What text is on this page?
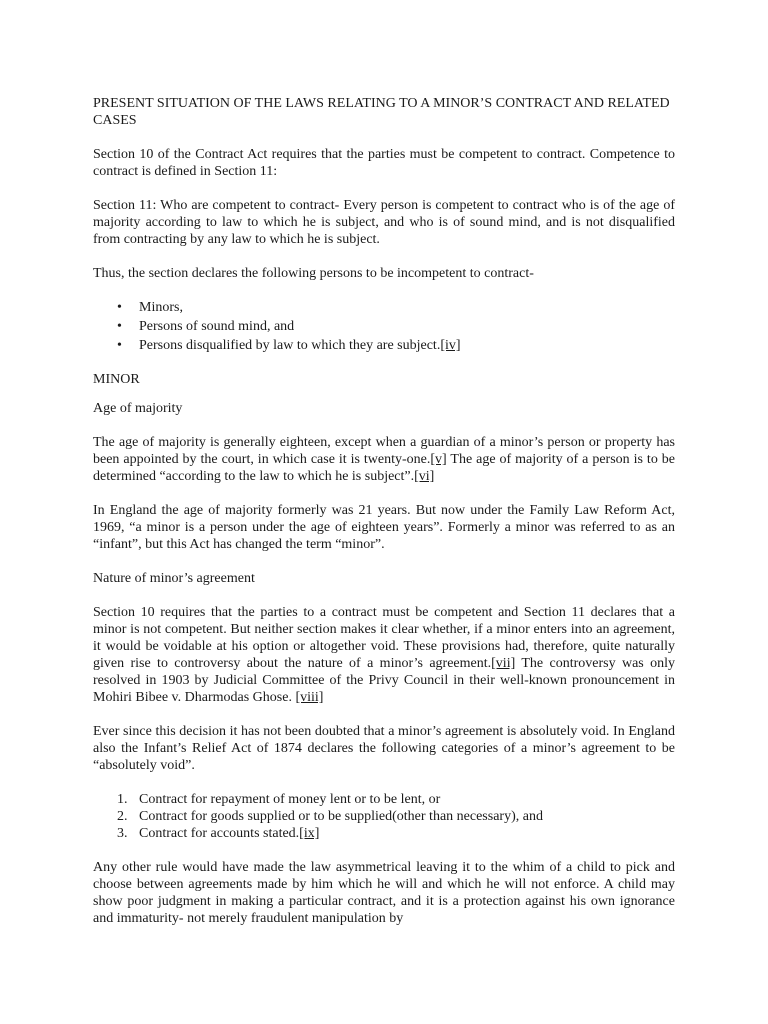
PRESENT SITUATION OF THE LAWS RELATING TO A MINOR’S CONTRACT AND RELATED CASES

Section 10 of the Contract Act requires that the parties must be competent to contract. Competence to contract is defined in Section 11:

Section 11: Who are competent to contract- Every person is competent to contract who is of the age of majority according to law to which he is subject, and who is of sound mind, and is not disqualified from contracting by any law to which he is subject.

Thus, the section declares the following persons to be incompetent to contract-

• Minors,
• Persons of sound mind, and
• Persons disqualified by law to which they are subject.[iv]
MINOR
Age of majority

The age of majority is generally eighteen, except when a guardian of a minor’s person or property has been appointed by the court, in which case it is twenty-one.[v] The age of majority of a person is to be determined “according to the law to which he is subject”.[vi]

In England the age of majority formerly was 21 years. But now under the Family Law Reform Act, 1969, “a minor is a person under the age of eighteen years”. Formerly a minor was referred to as an “infant”, but this Act has changed the term “minor”.

Nature of minor’s agreement

Section 10 requires that the parties to a contract must be competent and Section 11 declares that a minor is not competent. But neither section makes it clear whether, if a minor enters into an agreement, it would be voidable at his option or altogether void. These provisions had, therefore, quite naturally given rise to controversy about the nature of a minor’s agreement.[vii] The controversy was only resolved in 1903 by Judicial Committee of the Privy Council in their well-known pronouncement in Mohiri Bibee v. Dharmodas Ghose. [viii]

Ever since this decision it has not been doubted that a minor’s agreement is absolutely void. In England also the Infant’s Relief Act of 1874 declares the following categories of a minor’s agreement to be “absolutely void”.

1. Contract for repayment of money lent or to be lent, or
2. Contract for goods supplied or to be supplied(other than necessary), and
3. Contract for accounts stated.[ix]

Any other rule would have made the law asymmetrical leaving it to the whim of a child to pick and choose between agreements made by him which he will and which he will not enforce. A child may show poor judgment in making a particular contract, and it is a protection against his own ignorance and immaturity- not merely fraudulent manipulation by
